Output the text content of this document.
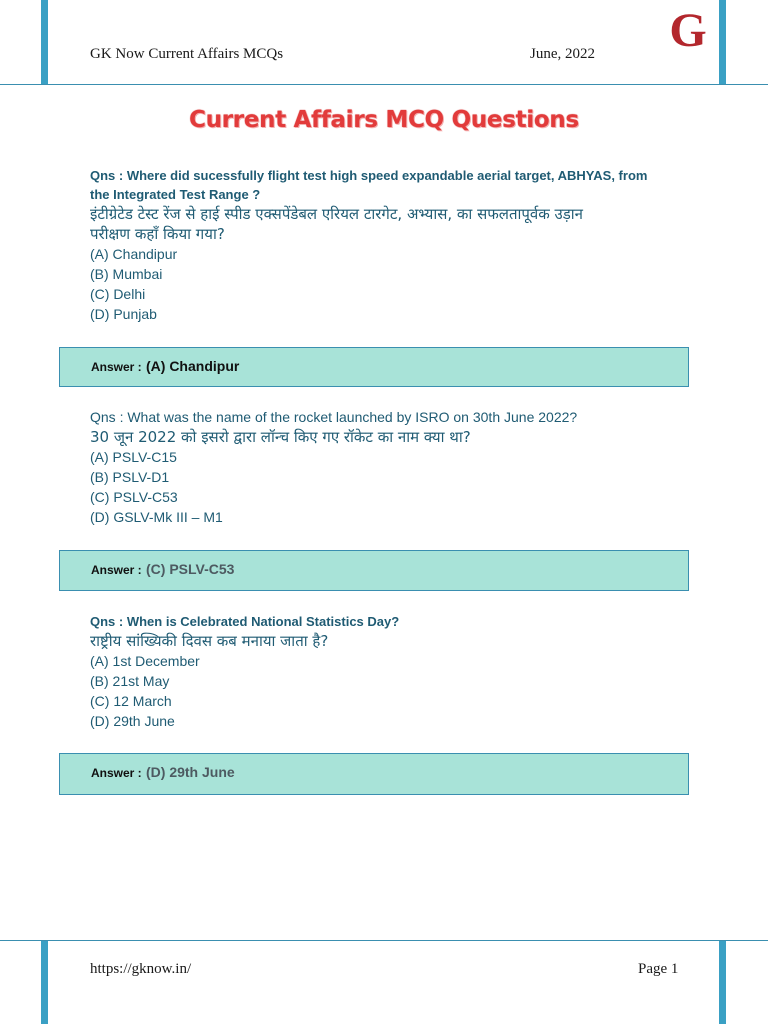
GK Now Current Affairs MCQs	June, 2022 G
Current Affairs MCQ Questions
Qns : Where did sucessfully flight test high speed expandable aerial target, ABHYAS, from
the Integrated Test Range ?
इंटीग्रेटेड टेस्ट रेंज से हाई स्पीड एक्सपेंडेबल एरियल टारगेट, अभ्यास, का सफलतापूर्वक उड़ान
परीक्षण कहाँ किया गया?
(A) Chandipur
(B) Mumbai
(C) Delhi
(D) Punjab
Answer : (A) Chandipur
Qns : What was the name of the rocket launched by ISRO on 30th June 2022?
30 जून 2022 को इसरो द्वारा लॉन्च किए गए रॉकेट का नाम क्या था?
(A) PSLV-C15
(B) PSLV-D1
(C) PSLV-C53
(D) GSLV-Mk III – M1
Answer : (C) PSLV-C53
Qns : When is Celebrated National Statistics Day?
राष्ट्रीय सांख्यिकी दिवस कब मनाया जाता है?
(A) 1st December
(B) 21st May
(C) 12 March
(D) 29th June
Answer : (D) 29th June
https://gknow.in/	Page 1
